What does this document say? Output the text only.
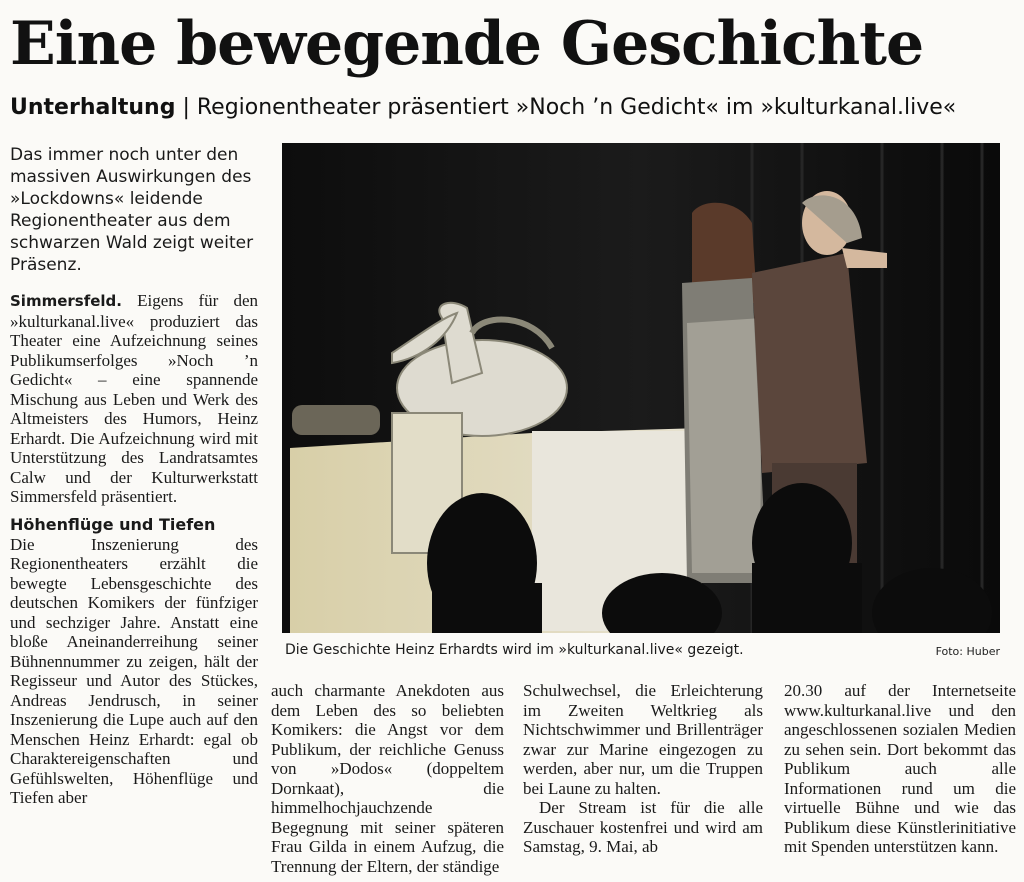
Eine bewegende Geschichte
Unterhaltung | Regionentheater präsentiert »Noch ’n Gedicht« im »kulturkanal.live«
Das immer noch unter den massiven Auswirkungen des »Lockdowns« leidende Regionentheater aus dem schwarzen Wald zeigt weiter Präsenz.

Simmersfeld. Eigens für den »kulturkanal.live« produziert das Theater eine Aufzeichnung seines Publikumserfolges »Noch ’n Gedicht« – eine spannende Mischung aus Leben und Werk des Altmeisters des Humors, Heinz Erhardt. Die Aufzeichnung wird mit Unterstützung des Landratsamtes Calw und der Kulturwerkstatt Simmersfeld präsentiert.

Höhenflüge und Tiefen

Die Inszenierung des Regionentheaters erzählt die bewegte Lebensgeschichte des deutschen Komikers der fünfziger und sechziger Jahre. Anstatt eine bloße Aneinanderreihung seiner Bühnennummer zu zeigen, hält der Regisseur und Autor des Stückes, Andreas Jendrusch, in seiner Inszenierung die Lupe auch auf den Menschen Heinz Erhardt: egal ob Charaktereigenschaften und Gefühlswelten, Höhenflüge und Tiefen aber

auch charmante Anekdoten aus dem Leben des so beliebten Komikers: die Angst vor dem Publikum, der reichliche Genuss von »Dodos« (doppeltem Dornkaat), die himmelhochjauchzende Begegnung mit seiner späteren Frau Gilda in einem Aufzug, die Trennung der Eltern, der ständige

Schulwechsel, die Erleichterung im Zweiten Weltkrieg als Nichtschwimmer und Brillenträger zwar zur Marine eingezogen zu werden, aber nur, um die Truppen bei Laune zu halten.

Der Stream ist für die alle Zuschauer kostenfrei und wird am Samstag, 9. Mai, ab

20.30 auf der Internetseite www.kulturkanal.live und den angeschlossenen sozialen Medien zu sehen sein. Dort bekommt das Publikum auch alle Informationen rund um die virtuelle Bühne und wie das Publikum diese Künstlerinitiative mit Spenden unterstützen kann.

Die Geschichte Heinz Erhardts wird im »kulturkanal.live« gezeigt.	Foto: Huber
